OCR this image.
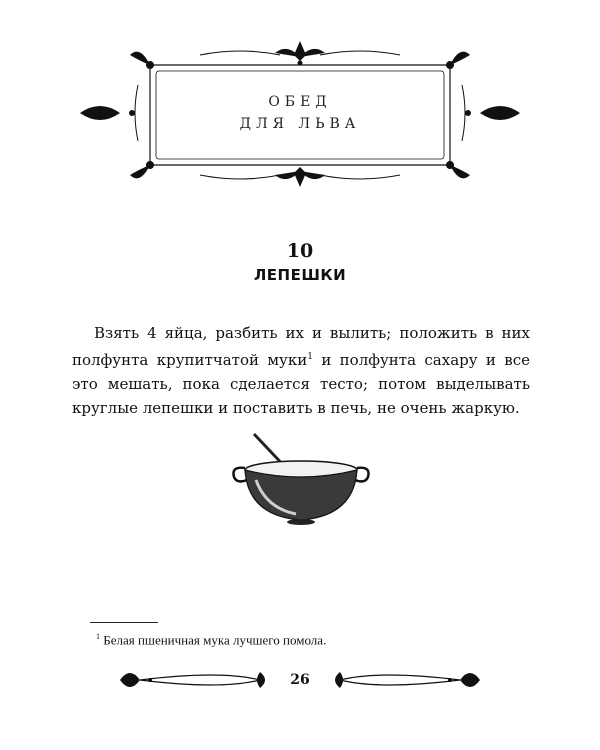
ОБЕД
ДЛЯ ЛЬВА
10
ЛЕПЕШКИ

Взять 4 яйца, разбить их и вылить; положить в них полфунта крупитчатой муки$^1$ и полфунта сахару и все это мешать, пока сделается тесто; потом выделывать круглые лепешки и поставить в печь, не очень жаркую.

$^1$ Белая пшеничная мука лучшего помола.
26
